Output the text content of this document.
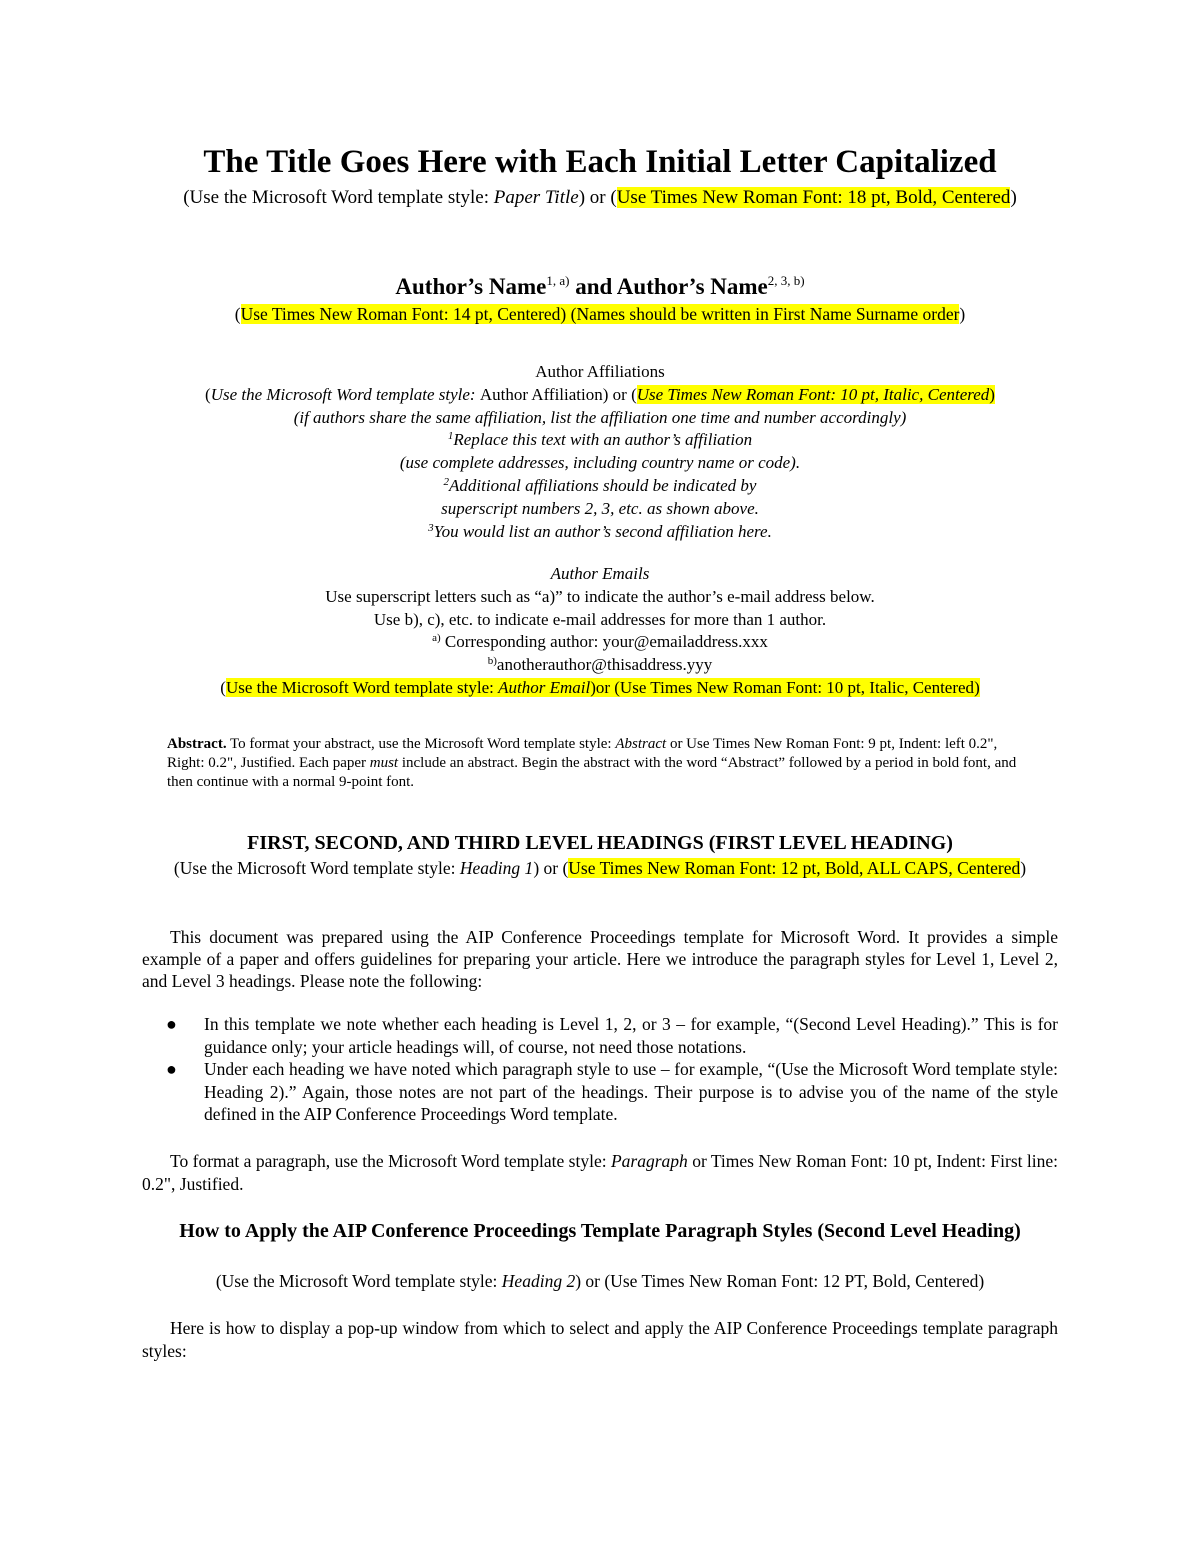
The Title Goes Here with Each Initial Letter Capitalized
(Use the Microsoft Word template style: Paper Title) or (Use Times New Roman Font: 18 pt, Bold, Centered)
Author’s Name$^{1, a)}$ and Author’s Name$^{2, 3, b)}$
(Use Times New Roman Font: 14 pt, Centered) (Names should be written in First Name Surname order)

Author Affiliations

(Use the Microsoft Word template style: Author Affiliation) or (Use Times New Roman Font: 10 pt, Italic, Centered)

(if authors share the same affiliation, list the affiliation one time and number accordingly)

$^1$Replace this text with an author’s affiliation

(use complete addresses, including country name or code).

$^2$Additional affiliations should be indicated by

superscript numbers 2, 3, etc. as shown above.

$^3$You would list an author’s second affiliation here.

Author Emails

Use superscript letters such as “a)” to indicate the author’s e-mail address below.

Use b), c), etc. to indicate e-mail addresses for more than 1 author.

$^{a)}$ Corresponding author: your@emailaddress.xxx

$^{b)}$anotherauthor@thisaddress.yyy

(Use the Microsoft Word template style: Author Email)or (Use Times New Roman Font: 10 pt, Italic, Centered)

Abstract. To format your abstract, use the Microsoft Word template style: Abstract or Use Times New Roman Font: 9 pt, Indent: left 0.2", Right: 0.2", Justified. Each paper must include an abstract. Begin the abstract with the word “Abstract” followed by a period in bold font, and then continue with a normal 9-point font.
FIRST, SECOND, AND THIRD LEVEL HEADINGS (FIRST LEVEL HEADING)
(Use the Microsoft Word template style: Heading 1) or (Use Times New Roman Font: 12 pt, Bold, ALL CAPS, Centered)
This document was prepared using the AIP Conference Proceedings template for Microsoft Word. It provides a simple example of a paper and offers guidelines for preparing your article. Here we introduce the paragraph styles for Level 1, Level 2, and Level 3 headings. Please note the following:
● In this template we note whether each heading is Level 1, 2, or 3 – for example, “(Second Level Heading).” This is for guidance only; your article headings will, of course, not need those notations.
● Under each heading we have noted which paragraph style to use – for example, “(Use the Microsoft Word template style: Heading 2).” Again, those notes are not part of the headings. Their purpose is to advise you of the name of the style defined in the AIP Conference Proceedings Word template.
To format a paragraph, use the Microsoft Word template style: Paragraph or Times New Roman Font: 10 pt, Indent: First line: 0.2", Justified.
How to Apply the AIP Conference Proceedings Template Paragraph Styles (Second Level Heading)
(Use the Microsoft Word template style: Heading 2) or (Use Times New Roman Font: 12 PT, Bold, Centered)
Here is how to display a pop-up window from which to select and apply the AIP Conference Proceedings template paragraph styles:
